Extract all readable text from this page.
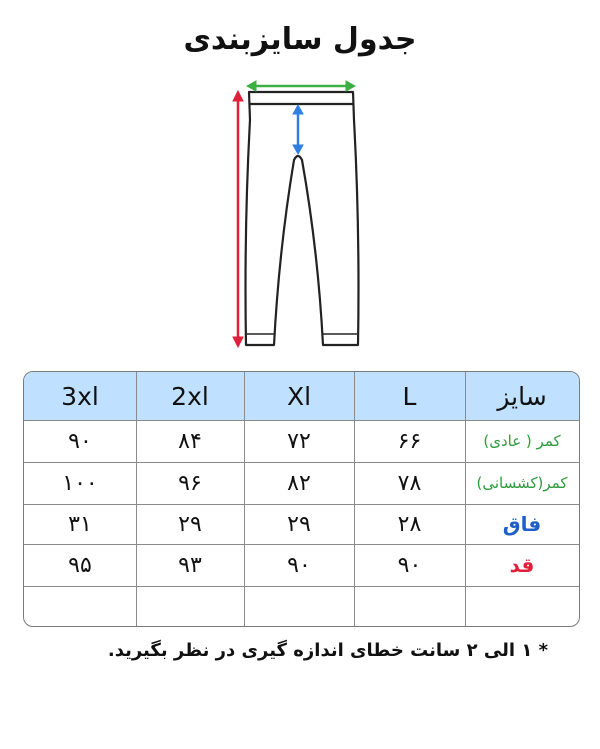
جدول سایزبندی
3xl	2xl	Xl	L	سایز
۹۰	۸۴	۷۲	۶۶	کمر ( عادی)
۱۰۰	۹۶	۸۲	۷۸	کمر(کشسانی)
۳۱	۲۹	۲۹	۲۸	فاق
۹۵	۹۳	۹۰	۹۰	قد
* ۱ الی ۲ سانت خطای اندازه گیری در نظر بگیرید.
